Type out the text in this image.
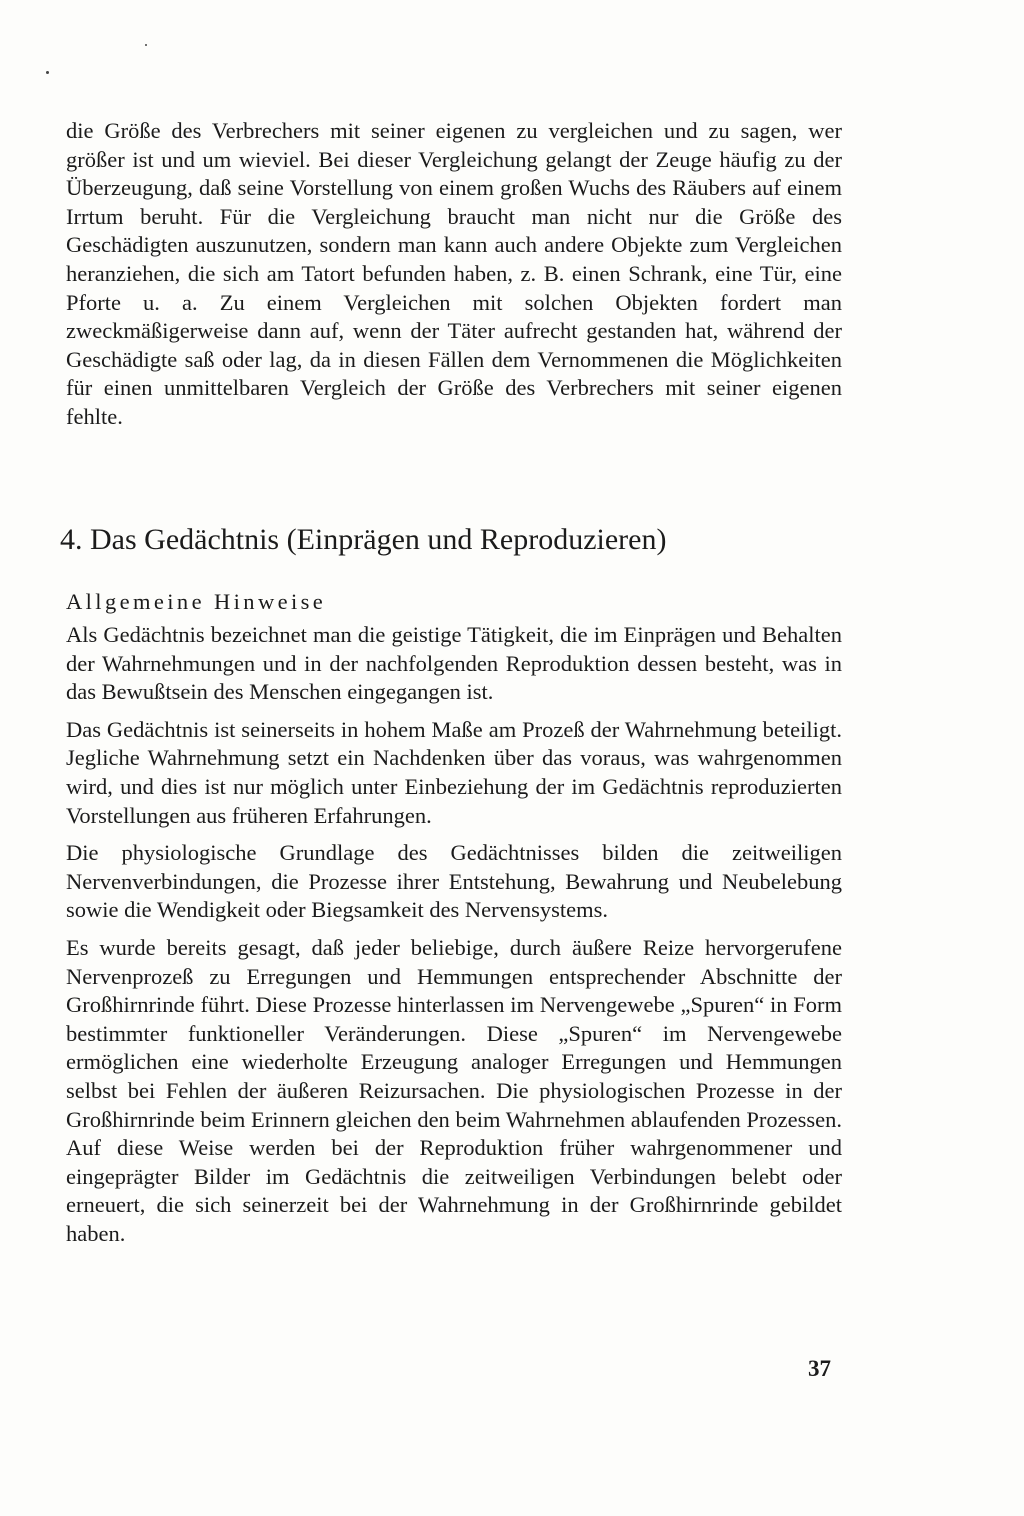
die Größe des Verbrechers mit seiner eigenen zu vergleichen und zu sagen, wer größer ist und um wieviel. Bei dieser Vergleichung gelangt der Zeuge häufig zu der Überzeugung, daß seine Vorstellung von einem großen Wuchs des Räubers auf einem Irrtum beruht. Für die Vergleichung braucht man nicht nur die Größe des Geschädigten auszunutzen, sondern man kann auch andere Objekte zum Vergleichen heranziehen, die sich am Tatort befunden haben, z. B. einen Schrank, eine Tür, eine Pforte u. a. Zu einem Vergleichen mit solchen Objekten fordert man zweckmäßigerweise dann auf, wenn der Täter aufrecht gestanden hat, während der Geschädigte saß oder lag, da in diesen Fällen dem Vernommenen die Möglichkeiten für einen unmittelbaren Vergleich der Größe des Verbrechers mit seiner eigenen fehlte.

4. Das Gedächtnis (Einprägen und Reproduzieren)
Allgemeine Hinweise

Als Gedächtnis bezeichnet man die geistige Tätigkeit, die im Einprägen und Behalten der Wahrnehmungen und in der nachfolgenden Reproduktion dessen besteht, was in das Bewußtsein des Menschen eingegangen ist.

Das Gedächtnis ist seinerseits in hohem Maße am Prozeß der Wahrnehmung beteiligt. Jegliche Wahrnehmung setzt ein Nachdenken über das voraus, was wahrgenommen wird, und dies ist nur möglich unter Einbeziehung der im Gedächtnis reproduzierten Vorstellungen aus früheren Erfahrungen.

Die physiologische Grundlage des Gedächtnisses bilden die zeitweiligen Nervenverbindungen, die Prozesse ihrer Entstehung, Bewahrung und Neubelebung sowie die Wendigkeit oder Biegsamkeit des Nervensystems.

Es wurde bereits gesagt, daß jeder beliebige, durch äußere Reize hervorgerufene Nervenprozeß zu Erregungen und Hemmungen entsprechender Abschnitte der Großhirnrinde führt. Diese Prozesse hinterlassen im Nervengewebe „Spuren“ in Form bestimmter funktioneller Veränderungen. Diese „Spuren“ im Nervengewebe ermöglichen eine wiederholte Erzeugung analoger Erregungen und Hemmungen selbst bei Fehlen der äußeren Reizursachen. Die physiologischen Prozesse in der Großhirnrinde beim Erinnern gleichen den beim Wahrnehmen ablaufenden Prozessen. Auf diese Weise werden bei der Reproduktion früher wahrgenommener und eingeprägter Bilder im Gedächtnis die zeitweiligen Verbindungen belebt oder erneuert, die sich seinerzeit bei der Wahrnehmung in der Großhirnrinde gebildet haben.

37
